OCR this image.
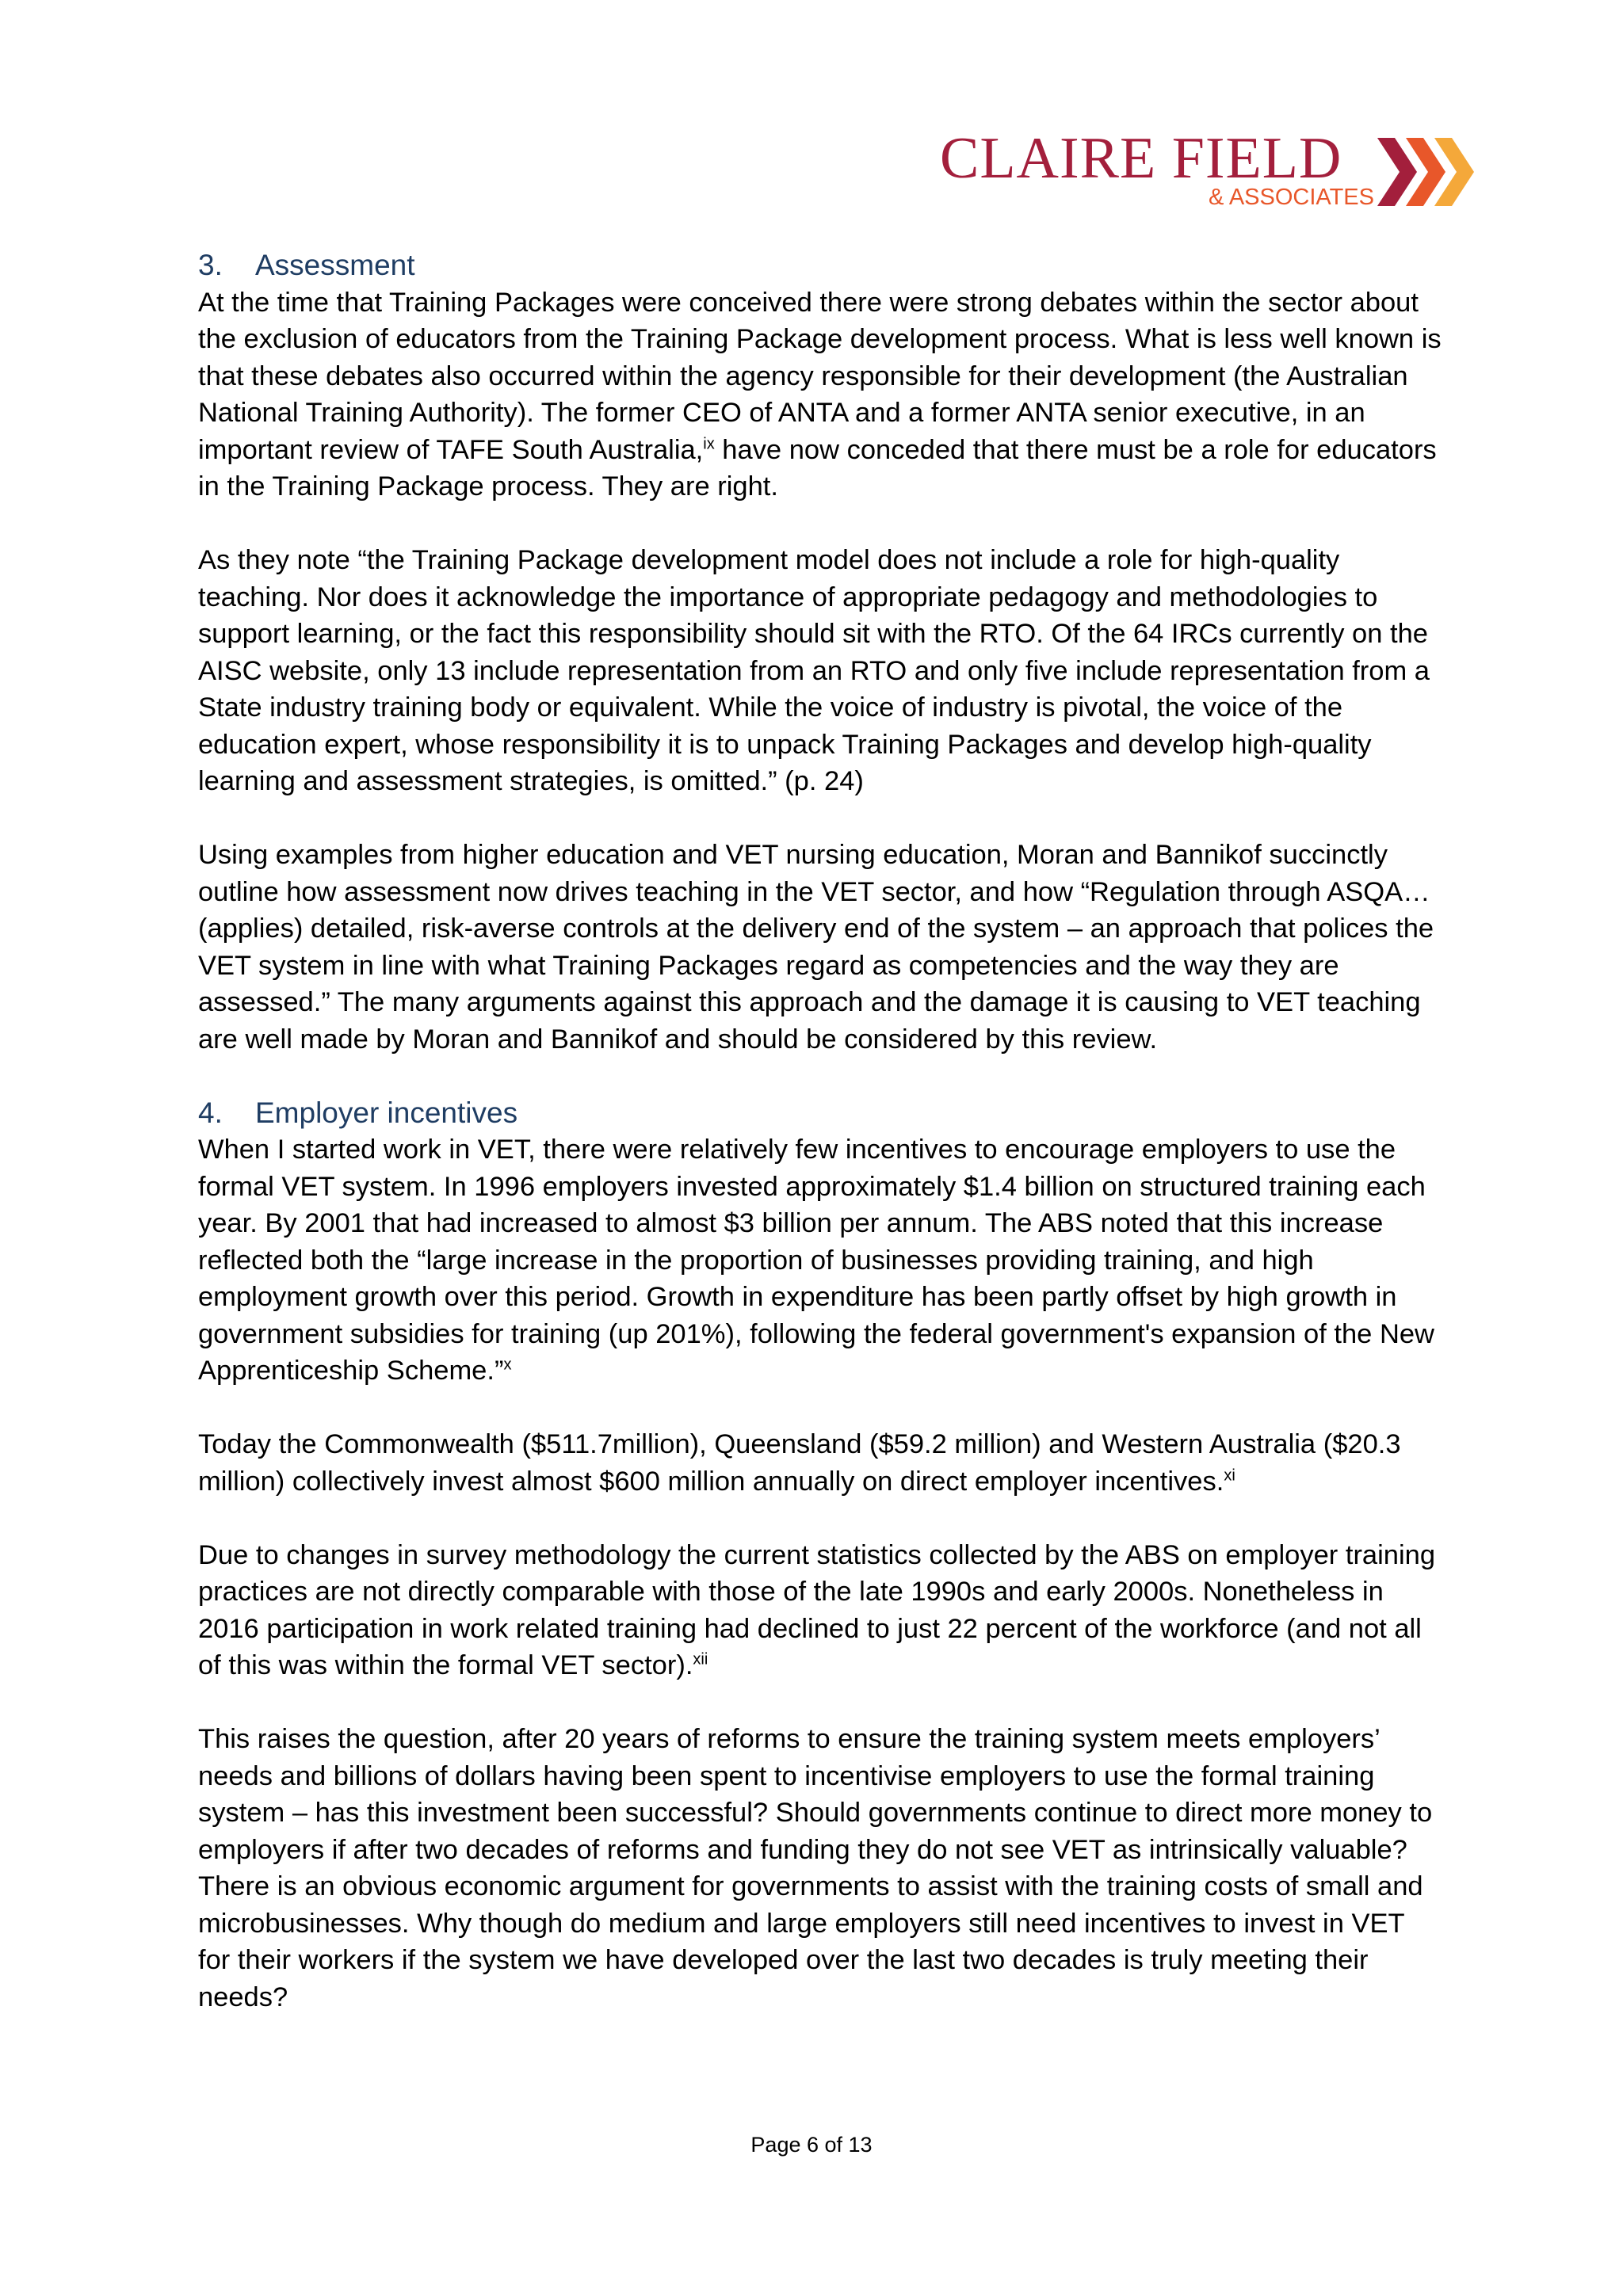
CLAIRE FIELD
& ASSOCIATES
3. Assessment

At the time that Training Packages were conceived there were strong debates within the sector about the exclusion of educators from the Training Package development process. What is less well known is that these debates also occurred within the agency responsible for their development (the Australian National Training Authority). The former CEO of ANTA and a former ANTA senior executive, in an important review of TAFE South Australia,$^{ix}$ have now conceded that there must be a role for educators in the Training Package process. They are right.

As they note “the Training Package development model does not include a role for high-quality teaching. Nor does it acknowledge the importance of appropriate pedagogy and methodologies to support learning, or the fact this responsibility should sit with the RTO. Of the 64 IRCs currently on the AISC website, only 13 include representation from an RTO and only five include representation from a State industry training body or equivalent. While the voice of industry is pivotal, the voice of the education expert, whose responsibility it is to unpack Training Packages and develop high-quality learning and assessment strategies, is omitted.” (p. 24)

Using examples from higher education and VET nursing education, Moran and Bannikof succinctly outline how assessment now drives teaching in the VET sector, and how “Regulation through ASQA… (applies) detailed, risk-averse controls at the delivery end of the system – an approach that polices the VET system in line with what Training Packages regard as competencies and the way they are assessed.” The many arguments against this approach and the damage it is causing to VET teaching are well made by Moran and Bannikof and should be considered by this review.

4. Employer incentives

When I started work in VET, there were relatively few incentives to encourage employers to use the formal VET system. In 1996 employers invested approximately $1.4 billion on structured training each year. By 2001 that had increased to almost $3 billion per annum. The ABS noted that this increase reflected both the “large increase in the proportion of businesses providing training, and high employment growth over this period. Growth in expenditure has been partly offset by high growth in government subsidies for training (up 201%), following the federal government's expansion of the New Apprenticeship Scheme.”$^x$

Today the Commonwealth ($511.7million), Queensland ($59.2 million) and Western Australia ($20.3 million) collectively invest almost $600 million annually on direct employer incentives.$^{xi}$

Due to changes in survey methodology the current statistics collected by the ABS on employer training practices are not directly comparable with those of the late 1990s and early 2000s. Nonetheless in 2016 participation in work related training had declined to just 22 percent of the workforce (and not all of this was within the formal VET sector).$^{xii}$

This raises the question, after 20 years of reforms to ensure the training system meets employers’ needs and billions of dollars having been spent to incentivise employers to use the formal training system – has this investment been successful? Should governments continue to direct more money to employers if after two decades of reforms and funding they do not see VET as intrinsically valuable? There is an obvious economic argument for governments to assist with the training costs of small and microbusinesses. Why though do medium and large employers still need incentives to invest in VET for their workers if the system we have developed over the last two decades is truly meeting their needs?

Page 6 of 13
